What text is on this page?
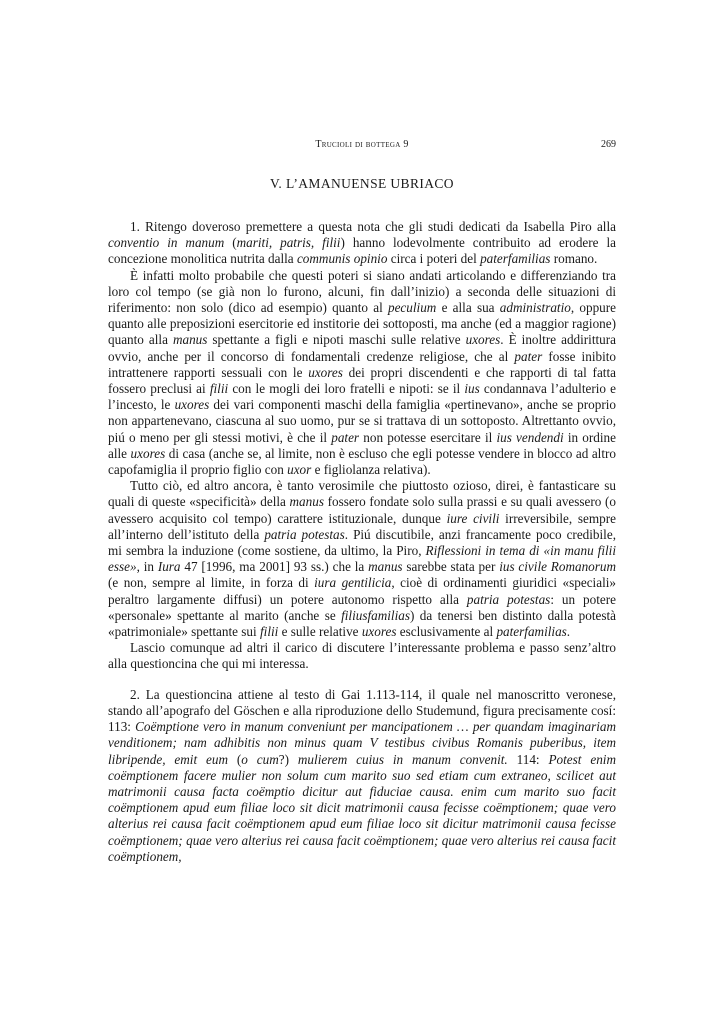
Trucioli di bottega 9	269
V. L’AMANUENSE UBRIACO

1. Ritengo doveroso premettere a questa nota che gli studi dedicati da Isabella Piro alla conventio in manum (mariti, patris, filii) hanno lodevolmente contribuito ad erodere la concezione monolitica nutrita dalla communis opinio circa i poteri del paterfamilias romano.

È infatti molto probabile che questi poteri si siano andati articolando e differenziando tra loro col tempo (se già non lo furono, alcuni, fin dall’inizio) a seconda delle situazioni di riferimento: non solo (dico ad esempio) quanto al peculium e alla sua administratio, oppure quanto alle preposizioni esercitorie ed institorie dei sottoposti, ma anche (ed a maggior ragione) quanto alla manus spettante a figli e nipoti maschi sulle relative uxores. È inoltre addirittura ovvio, anche per il concorso di fondamentali credenze religiose, che al pater fosse inibito intrattenere rapporti sessuali con le uxores dei propri discendenti e che rapporti di tal fatta fossero preclusi ai filii con le mogli dei loro fratelli e nipoti: se il ius condannava l’adulterio e l’incesto, le uxores dei vari componenti maschi della famiglia «pertinevano», anche se proprio non appartenevano, ciascuna al suo uomo, pur se si trattava di un sottoposto. Altrettanto ovvio, piú o meno per gli stessi motivi, è che il pater non potesse esercitare il ius vendendi in ordine alle uxores di casa (anche se, al limite, non è escluso che egli potesse vendere in blocco ad altro capofamiglia il proprio figlio con uxor e figliolanza relativa).

Tutto ciò, ed altro ancora, è tanto verosimile che piuttosto ozioso, direi, è fantasticare su quali di queste «specificità» della manus fossero fondate solo sulla prassi e su quali avessero (o avessero acquisito col tempo) carattere istituzionale, dunque iure civili irreversibile, sempre all’interno dell’istituto della patria potestas. Piú discutibile, anzi francamente poco credibile, mi sembra la induzione (come sostiene, da ultimo, la Piro, Riflessioni in tema di «in manu filii esse», in Iura 47 [1996, ma 2001] 93 ss.) che la manus sarebbe stata per ius civile Romanorum (e non, sempre al limite, in forza di iura gentilicia, cioè di ordinamenti giuridici «speciali» peraltro largamente diffusi) un potere autonomo rispetto alla patria potestas: un potere «personale» spettante al marito (anche se filiusfamilias) da tenersi ben distinto dalla potestà «patrimoniale» spettante sui filii e sulle relative uxores esclusivamente al paterfamilias.

Lascio comunque ad altri il carico di discutere l’interessante problema e passo senz’altro alla questioncina che qui mi interessa.

2. La questioncina attiene al testo di Gai 1.113-114, il quale nel manoscritto veronese, stando all’apografo del Göschen e alla riproduzione dello Studemund, figura precisamente cosí: 113: Coëmptione vero in manum conveniunt per mancipationem … per quandam imaginariam venditionem; nam adhibitis non minus quam V testibus civibus Romanis puberibus, item libripende, emit eum (o cum?) mulierem cuius in manum convenit. 114: Potest enim coëmptionem facere mulier non solum cum marito suo sed etiam cum extraneo, scilicet aut matrimonii causa facta coëmptio dicitur aut fiduciae causa. enim cum marito suo facit coëmptionem apud eum filiae loco sit dicit matrimonii causa fecisse coëmptionem; quae vero alterius rei causa facit coëmptionem apud eum filiae loco sit dicitur matrimonii causa fecisse coëmptionem; quae vero alterius rei causa facit coëmptionem; quae vero alterius rei causa facit coëmptionem,
